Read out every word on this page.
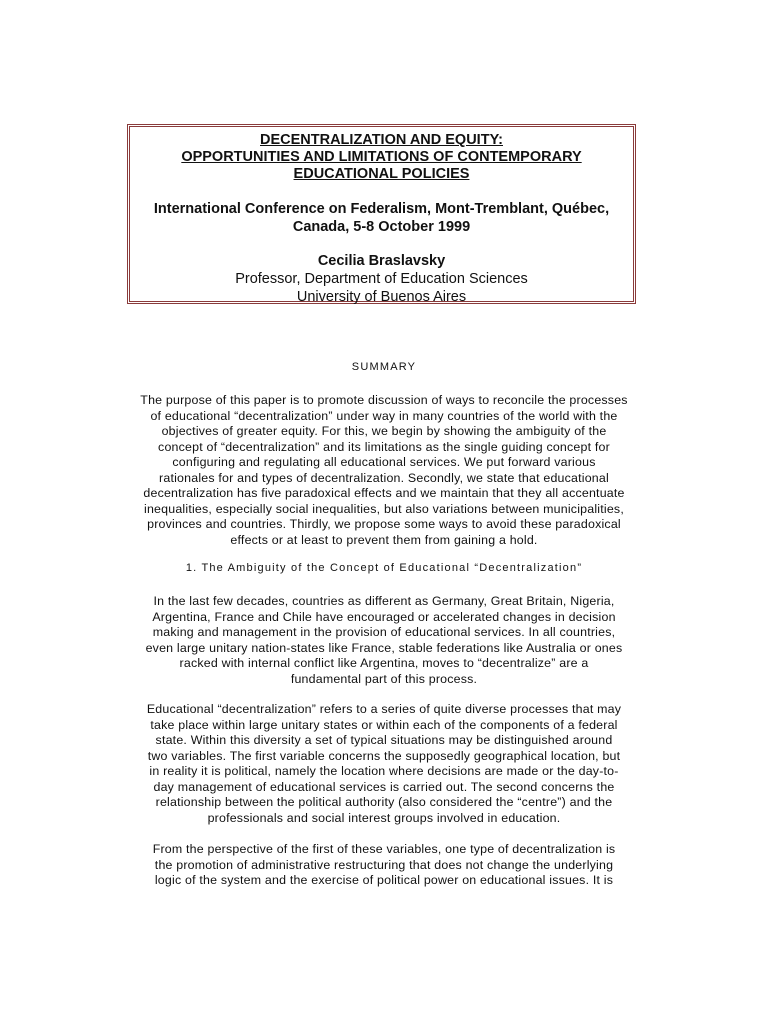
DECENTRALIZATION AND EQUITY:

OPPORTUNITIES AND LIMITATIONS OF CONTEMPORARY

EDUCATIONAL POLICIES

International Conference on Federalism, Mont-Tremblant, Québec,
Canada, 5-8 October 1999
Cecilia Braslavsky
Professor, Department of Education Sciences
University of Buenos Aires
SUMMARY
The purpose of this paper is to promote discussion of ways to reconcile the processes
of educational “decentralization” under way in many countries of the world with the
objectives of greater equity. For this, we begin by showing the ambiguity of the
concept of “decentralization” and its limitations as the single guiding concept for
configuring and regulating all educational services. We put forward various
rationales for and types of decentralization. Secondly, we state that educational
decentralization has five paradoxical effects and we maintain that they all accentuate
inequalities, especially social inequalities, but also variations between municipalities,
provinces and countries. Thirdly, we propose some ways to avoid these paradoxical
effects or at least to prevent them from gaining a hold.
1. The Ambiguity of the Concept of Educational “Decentralization”
In the last few decades, countries as different as Germany, Great Britain, Nigeria,
Argentina, France and Chile have encouraged or accelerated changes in decision
making and management in the provision of educational services. In all countries,
even large unitary nation-states like France, stable federations like Australia or ones
racked with internal conflict like Argentina, moves to “decentralize” are a
fundamental part of this process.
Educational “decentralization” refers to a series of quite diverse processes that may
take place within large unitary states or within each of the components of a federal
state. Within this diversity a set of typical situations may be distinguished around
two variables. The first variable concerns the supposedly geographical location, but
in reality it is political, namely the location where decisions are made or the day-to-
day management of educational services is carried out. The second concerns the
relationship between the political authority (also considered the “centre”) and the
professionals and social interest groups involved in education.
From the perspective of the first of these variables, one type of decentralization is
the promotion of administrative restructuring that does not change the underlying
logic of the system and the exercise of political power on educational issues. It is
